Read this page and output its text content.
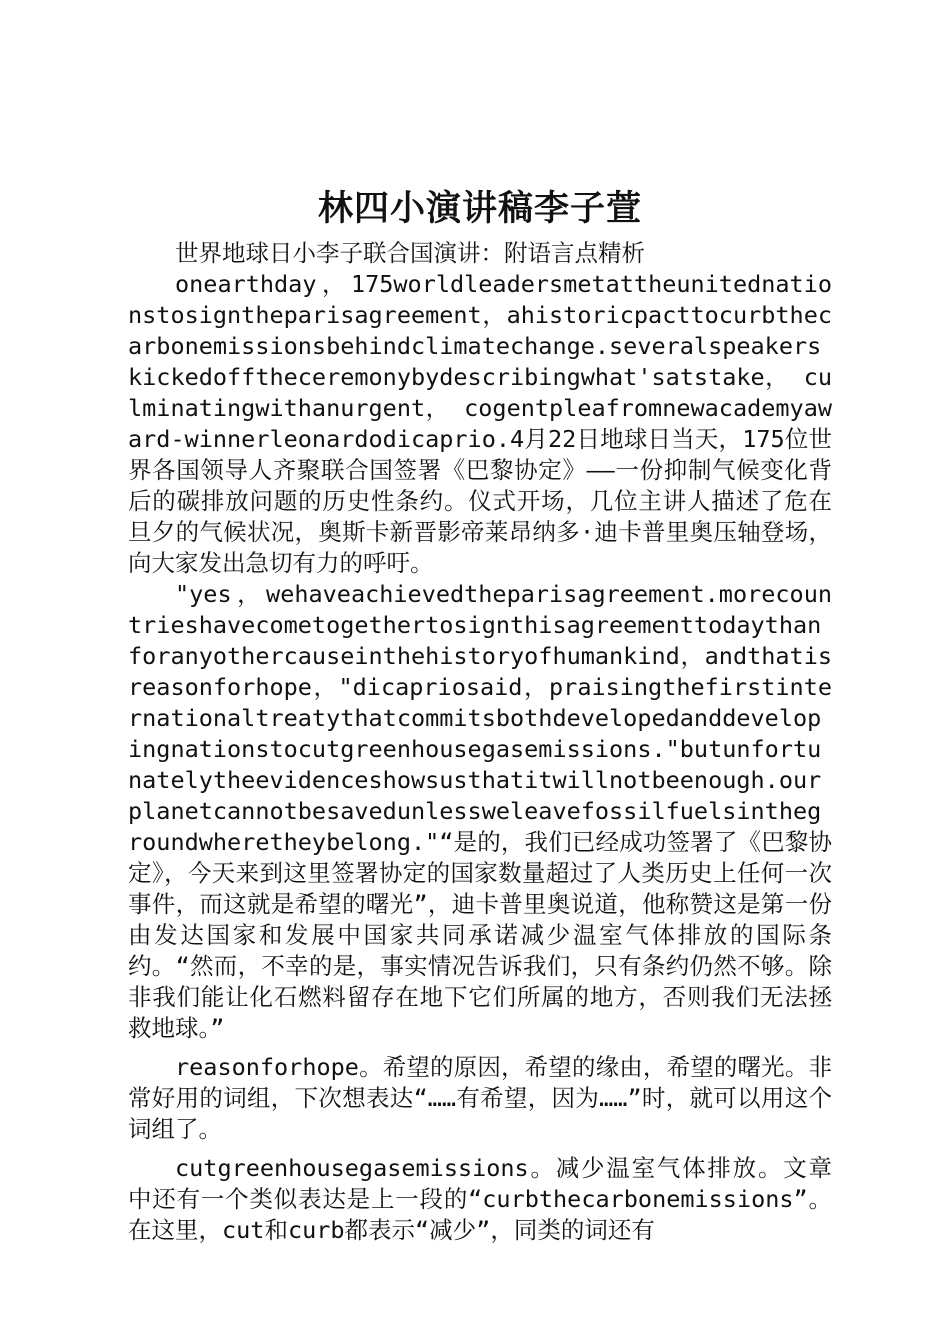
林四小演讲稿李子萱

世界地球日小李子联合国演讲：附语言点精析

onearthday，175worldleadersmetattheunitednationstosigntheparisagreement，ahistoricpacttocurbthecarbonemissionsbehindclimatechange.severalspeakerskickedofftheceremonybydescribingwhat'satstake， culminatingwithanurgent， cogentpleafromnewacademyaward-winnerleonardodicaprio.4月22日地球日当天，175位世界各国领导人齐聚联合国签署《巴黎协定》——一份抑制气候变化背后的碳排放问题的历史性条约。仪式开场，几位主讲人描述了危在旦夕的气候状况，奥斯卡新晋影帝莱昂纳多·迪卡普里奥压轴登场，向大家发出急切有力的呼吁。

"yes，wehaveachievedtheparisagreement.morecountrieshavecometogethertosignthisagreementtodaythanforanyothercauseinthehistoryofhumankind，andthatisreasonforhope，"dicapriosaid，praisingthefirstinternationaltreatythatcommitsbothdevelopedanddevelopingnationstocutgreenhousegasemissions."butunfortunatelytheevidenceshowsusthatitwillnotbeenough.ourplanetcannotbesavedunlessweleavefossilfuelsinthegroundwheretheybelong."“是的，我们已经成功签署了《巴黎协定》，今天来到这里签署协定的国家数量超过了人类历史上任何一次事件，而这就是希望的曙光”，迪卡普里奥说道，他称赞这是第一份由发达国家和发展中国家共同承诺减少温室气体排放的国际条约。“然而，不幸的是，事实情况告诉我们，只有条约仍然不够。除非我们能让化石燃料留存在地下它们所属的地方，否则我们无法拯救地球。”

reasonforhope。希望的原因，希望的缘由，希望的曙光。非常好用的词组，下次想表达“……有希望，因为……”时，就可以用这个词组了。

cutgreenhousegasemissions。减少温室气体排放。文章中还有一个类似表达是上一段的“curbthecarbonemissions”。在这里，cut和curb都表示“减少”，同类的词还有
